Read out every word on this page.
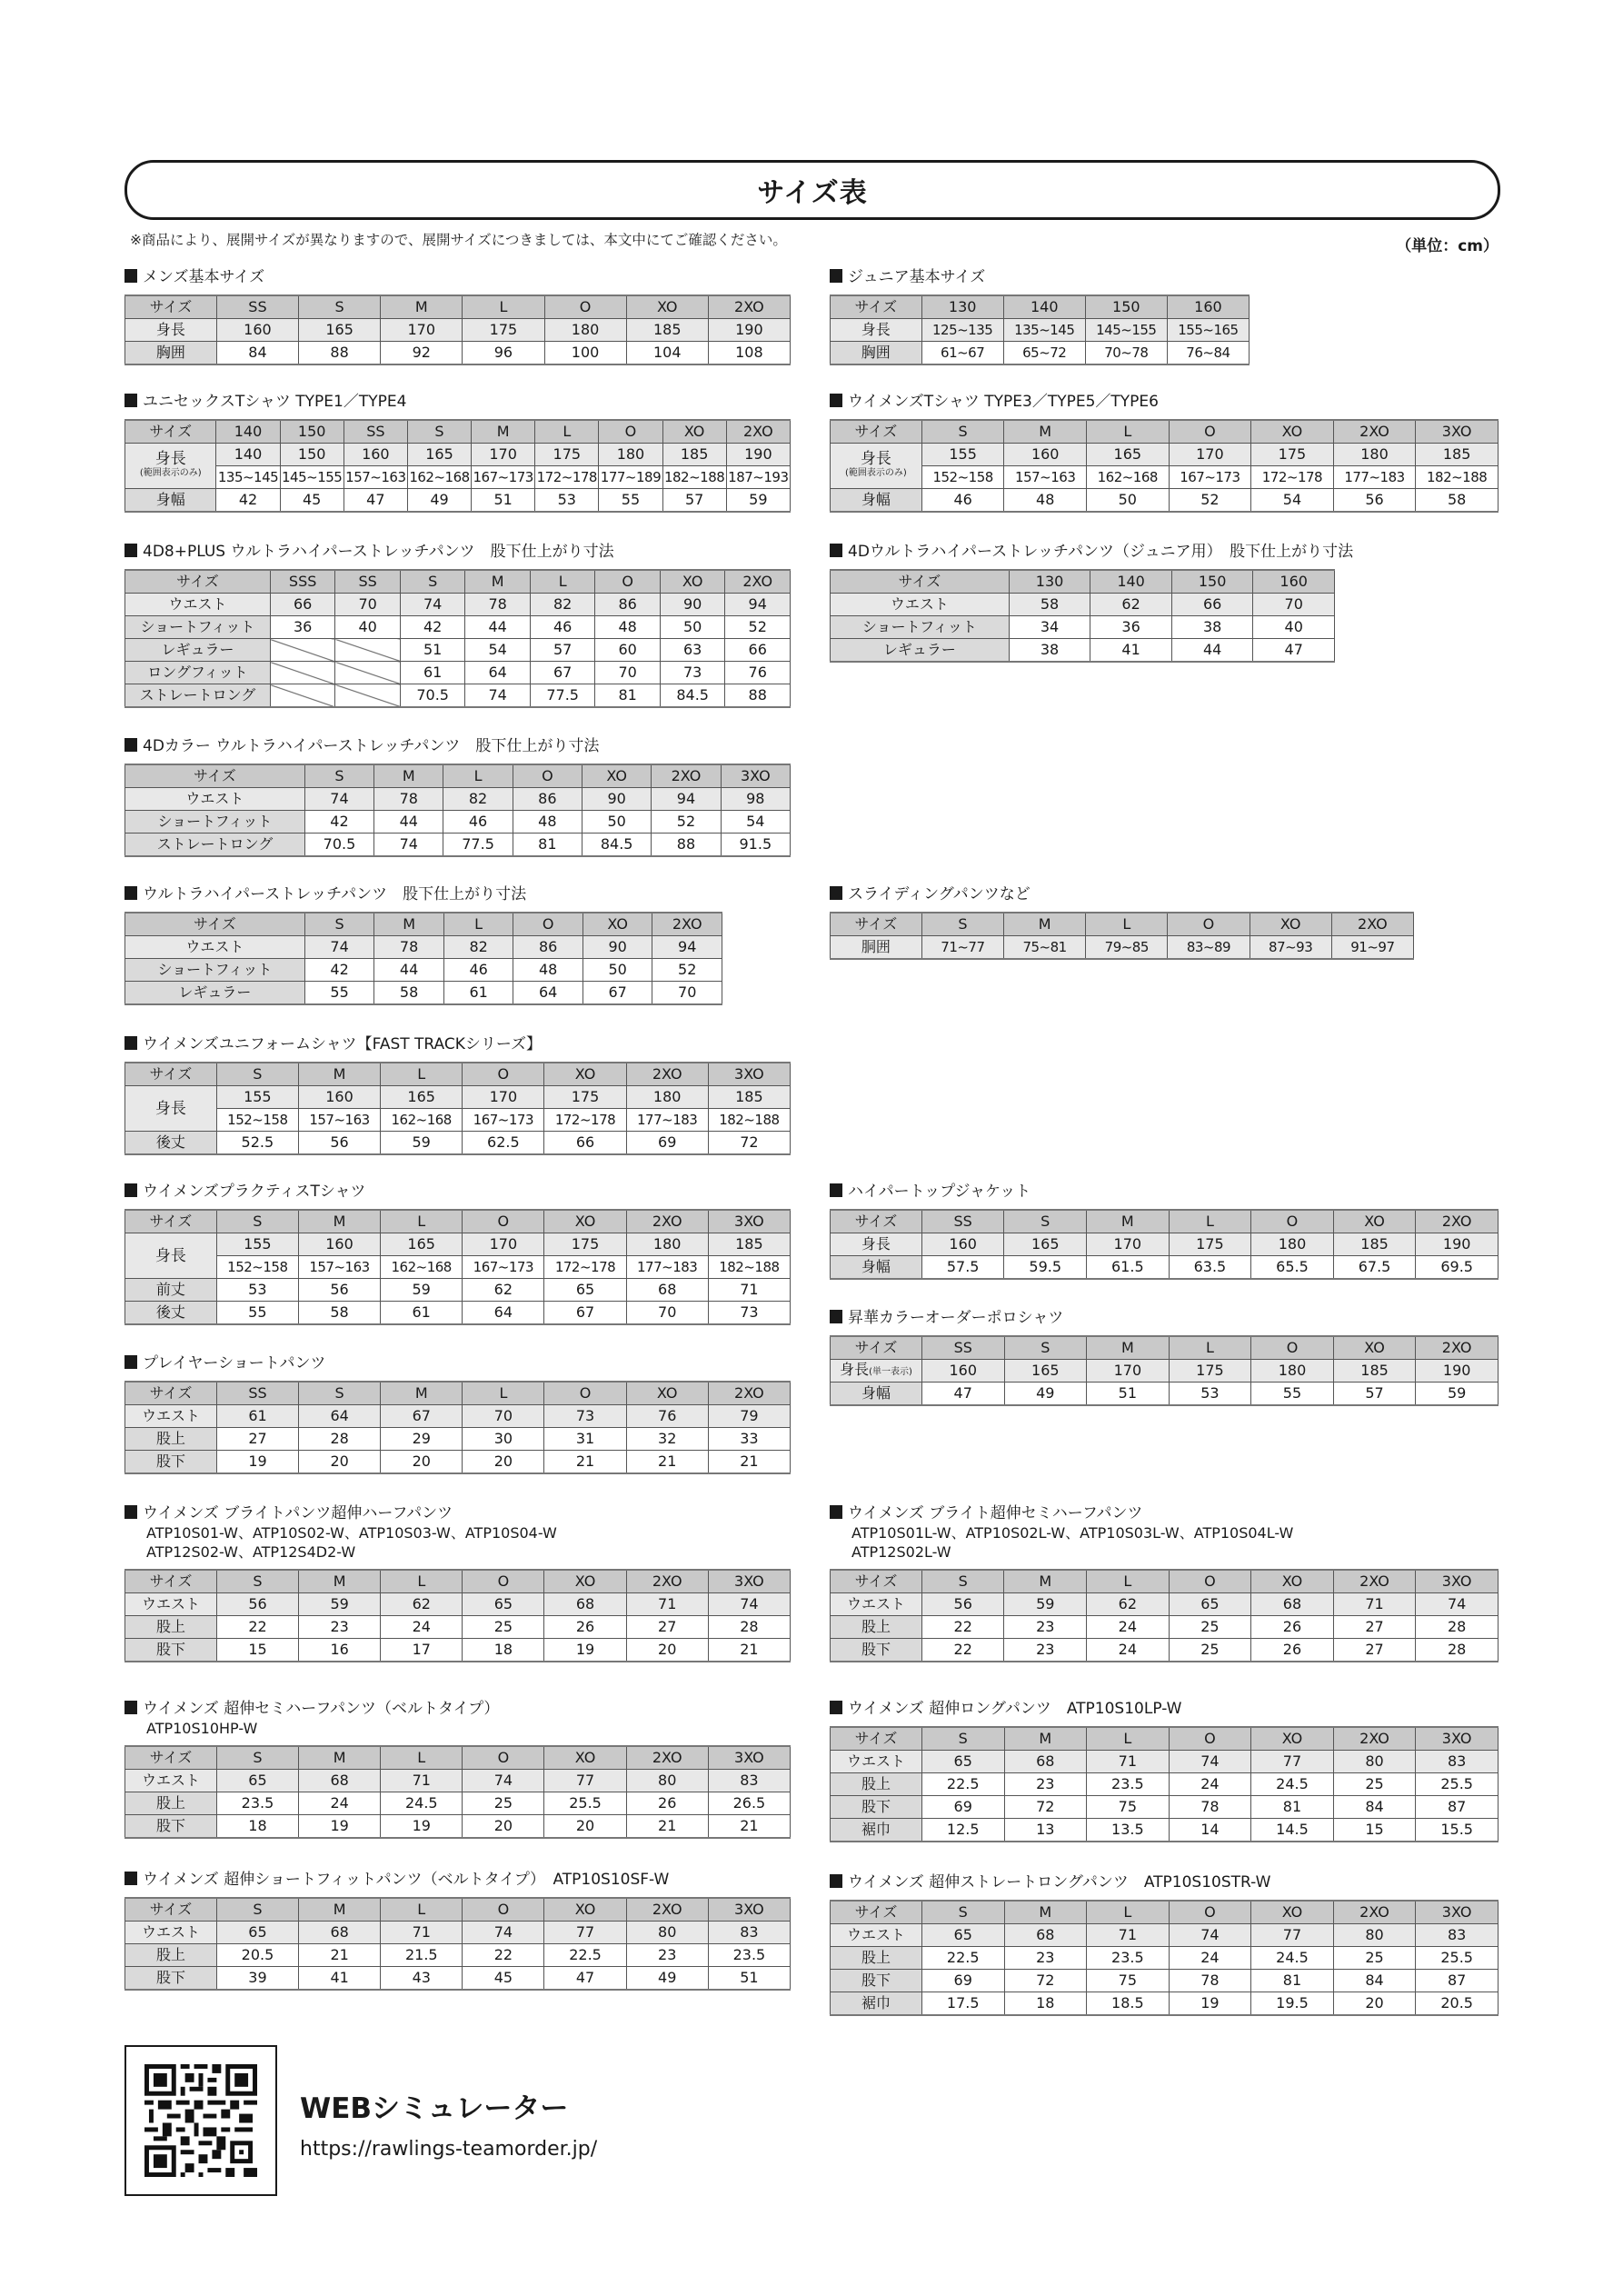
サイズ表
※商品により、展開サイズが異なりますので、展開サイズにつきましては、本文中にてご確認ください。	（単位：cm）
メンズ基本サイズ
サイズ	SS	S	M	L	O	XO	2XO
身長	160	165	170	175	180	185	190
胸囲	84	88	92	96	100	104	108
ジュニア基本サイズ
サイズ	130	140	150	160
身長	125~135	135~145	145~155	155~165
胸囲	61~67	65~72	70~78	76~84
ユニセックスTシャツ TYPE1／TYPE4
サイズ	140	150	SS	S	M	L	O	XO	2XO

身長
(範囲表示のみ)	140	150	160	165	170	175	180	185	190
	135~145	145~155	157~163	162~168	167~173	172~178	177~189	182~188	187~193
身幅	42	45	47	49	51	53	55	57	59
ウイメンズTシャツ TYPE3／TYPE5／TYPE6
サイズ	S	M	L	O	XO	2XO	3XO

身長
(範囲表示のみ)	155	160	165	170	175	180	185
	152~158	157~163	162~168	167~173	172~178	177~183	182~188
身幅	46	48	50	52	54	56	58
4D8+PLUS ウルトラハイパーストレッチパンツ　股下仕上がり寸法
サイズ	SSS	SS	S	M	L	O	XO	2XO
ウエスト	66	70	74	78	82	86	90	94
ショートフィット	36	40	42	44	46	48	50	52
レギュラー			51	54	57	60	63	66
ロングフィット			61	64	67	70	73	76
ストレートロング			70.5	74	77.5	81	84.5	88
4Dウルトラハイパーストレッチパンツ（ジュニア用）　股下仕上がり寸法
サイズ	130	140	150	160
ウエスト	58	62	66	70
ショートフィット	34	36	38	40
レギュラー	38	41	44	47
4Dカラー ウルトラハイパーストレッチパンツ　股下仕上がり寸法
サイズ	S	M	L	O	XO	2XO	3XO
ウエスト	74	78	82	86	90	94	98
ショートフィット	42	44	46	48	50	52	54
ストレートロング	70.5	74	77.5	81	84.5	88	91.5
ウルトラハイパーストレッチパンツ　股下仕上がり寸法
サイズ	S	M	L	O	XO	2XO
ウエスト	74	78	82	86	90	94
ショートフィット	42	44	46	48	50	52
レギュラー	55	58	61	64	67	70
スライディングパンツなど
サイズ	S	M	L	O	XO	2XO
胴囲	71~77	75~81	79~85	83~89	87~93	91~97
ウイメンズユニフォームシャツ【FAST TRACKシリーズ】
サイズ	S	M	L	O	XO	2XO	3XO

身長	155	160	165	170	175	180	185
	152~158	157~163	162~168	167~173	172~178	177~183	182~188
後丈	52.5	56	59	62.5	66	69	72
ウイメンズプラクティスTシャツ
サイズ	S	M	L	O	XO	2XO	3XO

身長	155	160	165	170	175	180	185
	152~158	157~163	162~168	167~173	172~178	177~183	182~188
前丈	53	56	59	62	65	68	71
後丈	55	58	61	64	67	70	73
ハイパートップジャケット
サイズ	SS	S	M	L	O	XO	2XO
身長	160	165	170	175	180	185	190
身幅	57.5	59.5	61.5	63.5	65.5	67.5	69.5
昇華カラーオーダーポロシャツ
サイズ	SS	S	M	L	O	XO	2XO
身長(単一表示)	160	165	170	175	180	185	190
身幅	47	49	51	53	55	57	59
プレイヤーショートパンツ
サイズ	SS	S	M	L	O	XO	2XO
ウエスト	61	64	67	70	73	76	79
股上	27	28	29	30	31	32	33
股下	19	20	20	20	21	21	21
ウイメンズ ブライトパンツ超伸ハーフパンツ
ATP10S01-W、ATP10S02-W、ATP10S03-W、ATP10S04-W
ATP12S02-W、ATP12S4D2-W
サイズ	S	M	L	O	XO	2XO	3XO
ウエスト	56	59	62	65	68	71	74
股上	22	23	24	25	26	27	28
股下	15	16	17	18	19	20	21
ウイメンズ ブライト超伸セミハーフパンツ
ATP10S01L-W、ATP10S02L-W、ATP10S03L-W、ATP10S04L-W
ATP12S02L-W
サイズ	S	M	L	O	XO	2XO	3XO
ウエスト	56	59	62	65	68	71	74
股上	22	23	24	25	26	27	28
股下	22	23	24	25	26	27	28
ウイメンズ 超伸セミハーフパンツ（ベルトタイプ）
ATP10S10HP-W
サイズ	S	M	L	O	XO	2XO	3XO
ウエスト	65	68	71	74	77	80	83
股上	23.5	24	24.5	25	25.5	26	26.5
股下	18	19	19	20	20	21	21
ウイメンズ 超伸ロングパンツ　ATP10S10LP-W
サイズ	S	M	L	O	XO	2XO	3XO
ウエスト	65	68	71	74	77	80	83
股上	22.5	23	23.5	24	24.5	25	25.5
股下	69	72	75	78	81	84	87
裾巾	12.5	13	13.5	14	14.5	15	15.5
ウイメンズ 超伸ショートフィットパンツ（ベルトタイプ）　ATP10S10SF-W
サイズ	S	M	L	O	XO	2XO	3XO
ウエスト	65	68	71	74	77	80	83
股上	20.5	21	21.5	22	22.5	23	23.5
股下	39	41	43	45	47	49	51
ウイメンズ 超伸ストレートロングパンツ　ATP10S10STR-W
サイズ	S	M	L	O	XO	2XO	3XO
ウエスト	65	68	71	74	77	80	83
股上	22.5	23	23.5	24	24.5	25	25.5
股下	69	72	75	78	81	84	87
裾巾	17.5	18	18.5	19	19.5	20	20.5
WEBシミュレーター
https://rawlings-teamorder.jp/
